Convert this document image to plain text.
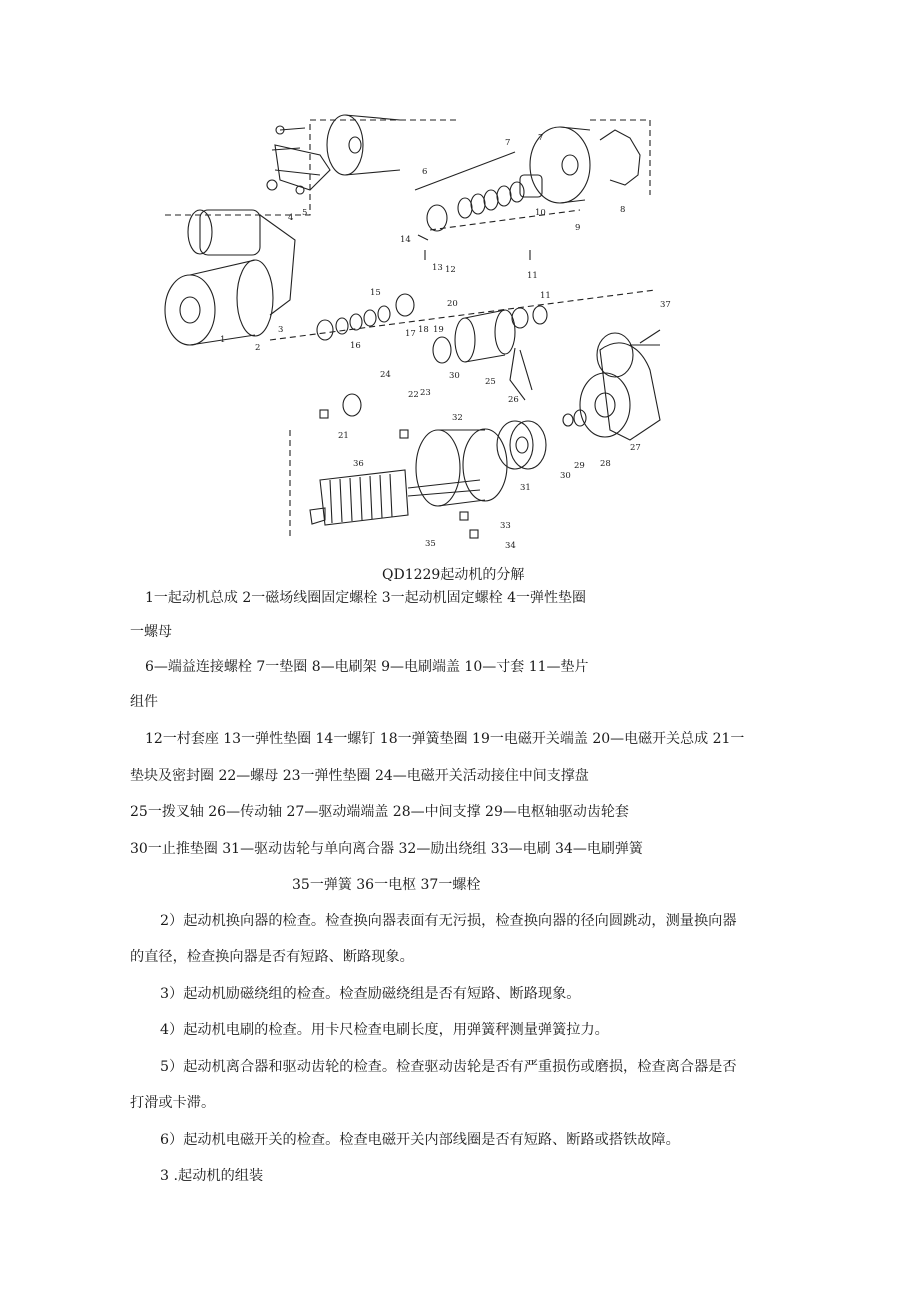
1
2
3
4 5
6
7	7
8
9
10
11
11
12
13
14
15
16
17 18 19
20
21
22 23
24
25
26
27
28
29
30
30
31
32
33
34
35
36
37
QD1229起动机的分解
1一起动机总成 2一磁场线圈固定螺栓 3一起动机固定螺栓 4一弹性垫圈
一螺母
6—端益连接螺栓 7一垫圈 8—电刷架 9—电刷端盖 10—寸套 11—垫片
组件
12一村套座 13一弹性垫圈 14一螺钉 18一弹簧垫圈 19一电磁开关端盖 20—电磁开关总成 21一
垫块及密封圈 22—螺母 23一弹性垫圈 24—电磁开关活动接住中间支撑盘
25一拨叉轴 26—传动轴 27—驱动端端盖 28—中间支撑 29—电枢轴驱动齿轮套
30一止推垫圈 31—驱动齿轮与单向离合器 32—励出绕组 33—电刷 34—电刷弹簧
35一弹簧 36一电枢 37一螺栓
2）起动机换向器的检查。检查换向器表面有无污损，检查换向器的径向圆跳动，测量换向器
的直径，检查换向器是否有短路、断路现象。
3）起动机励磁绕组的检查。检查励磁绕组是否有短路、断路现象。
4）起动机电刷的检查。用卡尺检查电刷长度，用弹簧秤测量弹簧拉力。
5）起动机离合器和驱动齿轮的检查。检查驱动齿轮是否有严重损伤或磨损，检查离合器是否
打滑或卡滞。
6）起动机电磁开关的检查。检查电磁开关内部线圈是否有短路、断路或搭铁故障。
3 .起动机的组装
